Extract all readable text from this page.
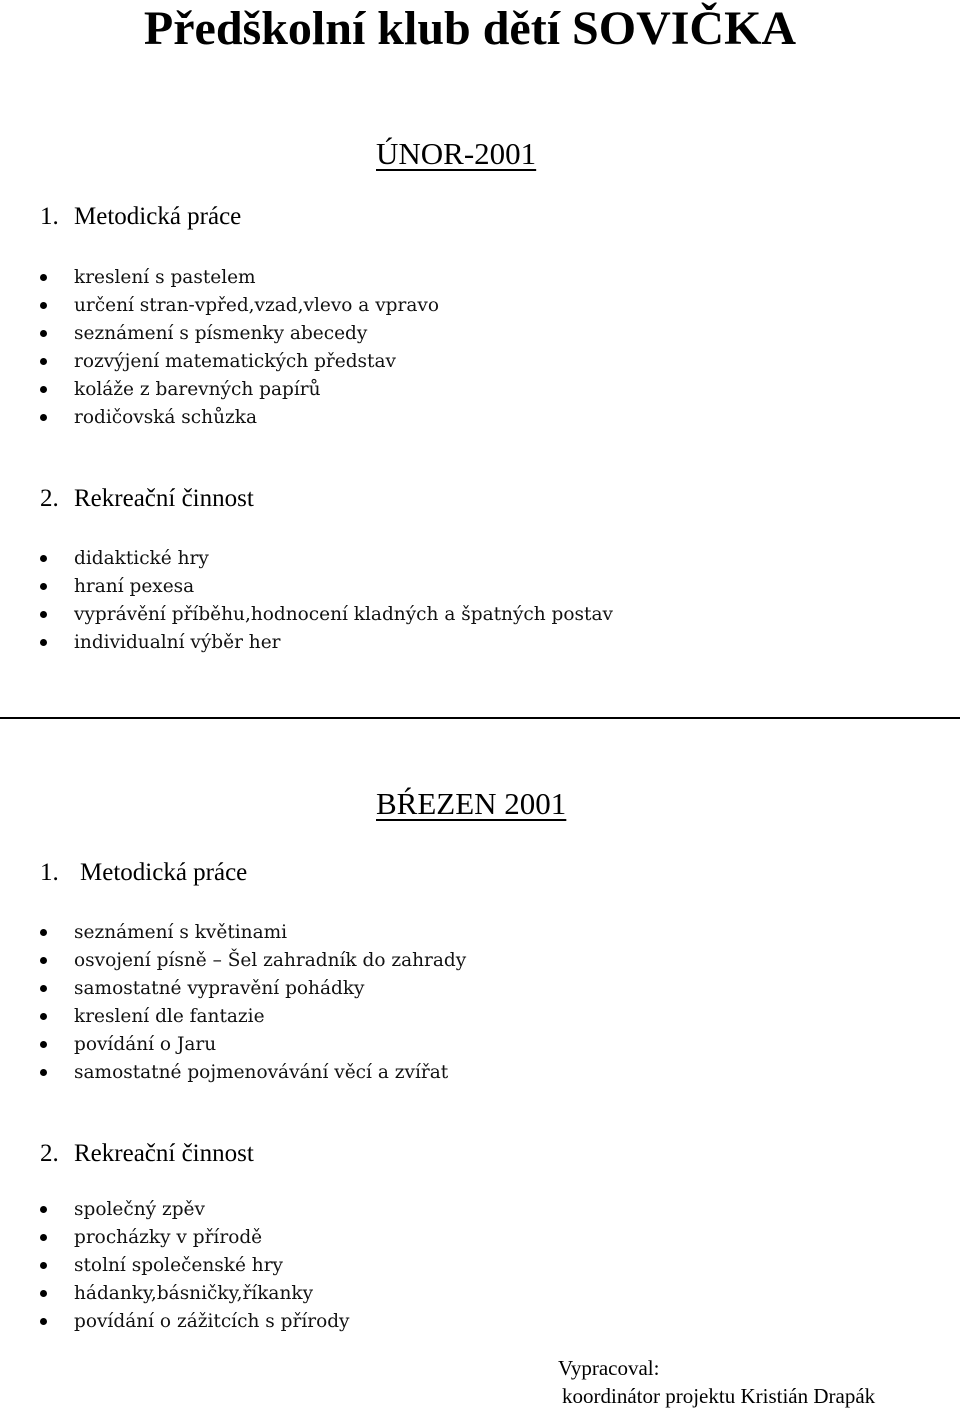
Předškolní klub dětí SOVIČKA
ÚNOR-2001
1. Metodická práce
kreslení s pastelem
určení stran-vpřed,vzad,vlevo a vpravo
seznámení s písmenky abecedy
rozvýjení matematických představ
koláže z barevných papírů
rodičovská schůzka
2. Rekreační činnost
didaktické hry
hraní pexesa
vyprávění příběhu,hodnocení kladných a špatných postav
individualní výběr her
BŔEZEN 2001
1. Metodická práce
seznámení s květinami
osvojení písně – Šel zahradník do zahrady
samostatné vypravění pohádky
kreslení dle fantazie
povídání o Jaru
samostatné pojmenovávání věcí a zvířat
2. Rekreační činnost
společný zpěv
procházky v přírodě
stolní společenské hry
hádanky,básničky,říkanky
povídání o zážitcích s přírody
Vypracoval:
koordinátor projektu Kristián Drapák
